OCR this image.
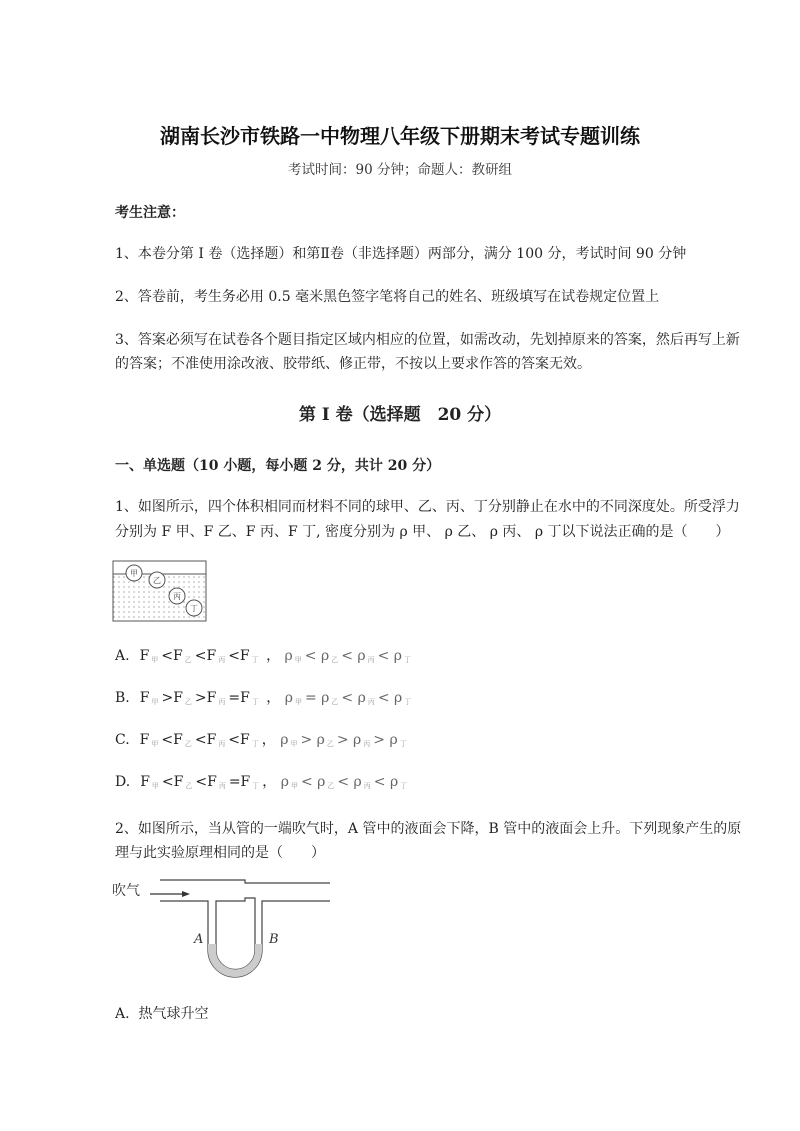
湖南长沙市铁路一中物理八年级下册期末考试专题训练
考试时间：90 分钟；命题人：教研组
考生注意：
1、本卷分第 I 卷（选择题）和第Ⅱ卷（非选择题）两部分，满分 100 分，考试时间 90 分钟
2、答卷前，考生务必用 0.5 毫米黑色签字笔将自己的姓名、班级填写在试卷规定位置上
3、答案必须写在试卷各个题目指定区域内相应的位置，如需改动，先划掉原来的答案，然后再写上新
的答案；不准使用涂改液、胶带纸、修正带，不按以上要求作答的答案无效。
第 I 卷（选择题　20 分）
一、单选题（10 小题，每小题 2 分，共计 20 分）
1、如图所示，四个体积相同而材料不同的球甲、乙、丙、丁分别静止在水中的不同深度处。所受浮力
分别为 F 甲、F 乙、F 丙、F 丁, 密度分别为 ρ 甲、 ρ 乙、 ρ 丙、 ρ 丁以下说法正确的是（　　）
甲
乙
丙
丁
A. F $_甲$ <F $_乙$ <F $_丙$ <F $_丁$ ， ρ $_甲$ < ρ $_乙$ < ρ $_丙$ < ρ $_丁$
B. F $_甲$ >F $_乙$ >F $_丙$ =F $_丁$ ， ρ $_甲$ = ρ $_乙$ < ρ $_丙$ < ρ $_丁$
C. F $_甲$ <F $_乙$ <F $_丙$ <F $_丁$ ， ρ $_甲$ > ρ $_乙$ > ρ $_丙$ > ρ $_丁$
D. F $_甲$ <F $_乙$ <F $_丙$ =F $_丁$ ， ρ $_甲$ < ρ $_乙$ < ρ $_丙$ < ρ $_丁$
2、如图所示，当从管的一端吹气时，A 管中的液面会下降，B 管中的液面会上升。下列现象产生的原
理与此实验原理相同的是（　　）
吹气
A	B
A. 热气球升空
